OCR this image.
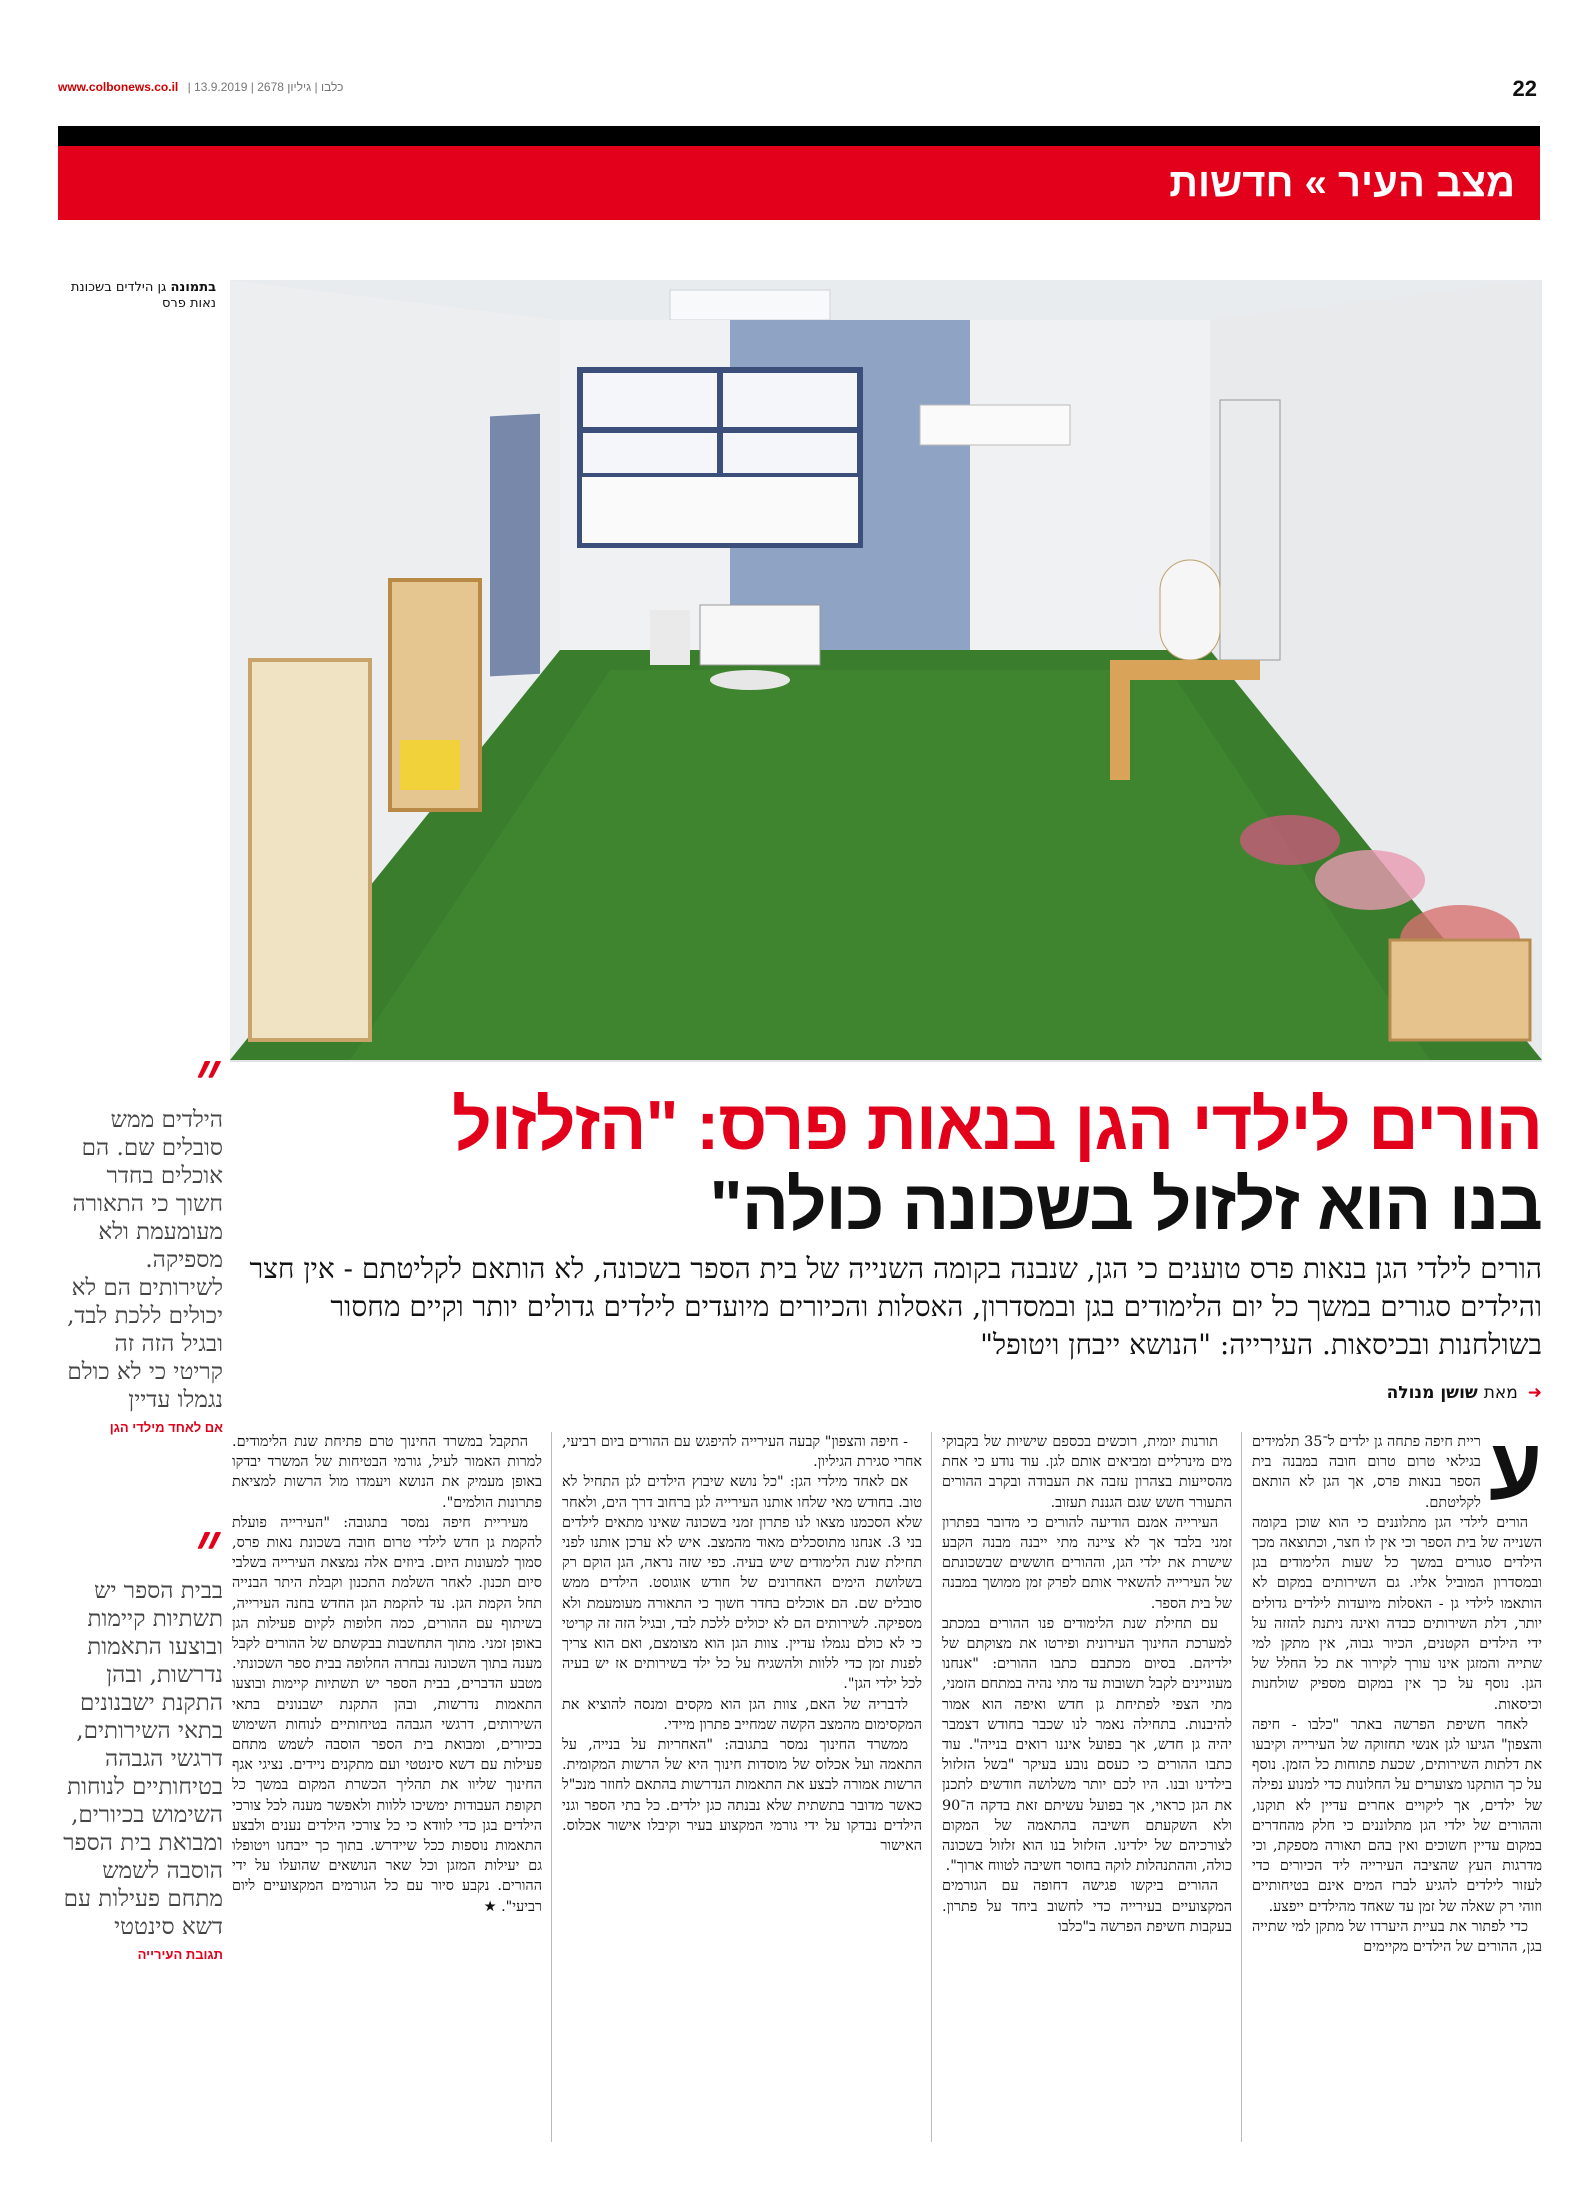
www.colbonews.co.il | כלבו | גיליון 2678 | 13.9.2019	22
מצב העיר » חדשות
בתמונה גן הילדים בשכונת נאות פרס
״
הילדים ממש סובלים שם. הם אוכלים בחדר חשוך כי התאורה מעומעמת ולא מספיקה. לשירותים הם לא יכולים ללכת לבד, ובגיל הזה זה קריטי כי לא כולם נגמלו עדיין
אם לאחד מילדי הגן
״
בבית הספר יש תשתיות קיימות ובוצעו התאמות נדרשות, ובהן התקנת ישבנונים בתאי השירותים, דרגשי הגבהה בטיחותיים לנוחות השימוש בכיורים, ומבואת בית הספר הוסבה לשמש מתחם פעילות עם דשא סינטטי
תגובת העירייה
הורים לילדי הגן בנאות פרס: "הזלזול
בנו הוא זלזול בשכונה כולה"
הורים לילדי הגן בנאות פרס טוענים כי הגן, שנבנה בקומה השנייה של בית הספר בשכונה, לא הותאם לקליטתם - אין חצר והילדים סגורים במשך כל יום הלימודים בגן ובמסדרון, האסלות והכיורים מיועדים לילדים גדולים יותר וקיים מחסור בשולחנות ובכיסאות. העירייה: "הנושא ייבחן ויטופל"
➜ מאת שושן מנולה
ע

ריית חיפה פתחה גן ילדים ל־35 תלמידים בגילאי טרום טרום חובה במבנה בית הספר בנאות פרס, אך הגן לא הותאם לקליטתם.

הורים לילדי הגן מתלוננים כי הוא שוכן בקומה השנייה של בית הספר וכי אין לו חצר, וכתוצאה מכך הילדים סגורים במשך כל שעות הלימודים בגן ובמסדרון המוביל אליו. גם השירותים במקום לא הותאמו לילדי גן - האסלות מיועדות לילדים גדולים יותר, דלת השירותים כבדה ואינה ניתנת להזזה על ידי הילדים הקטנים, הכיור גבוה, אין מתקן למי שתייה והמזגן אינו עורך לקירור את כל החלל של הגן. נוסף על כך אין במקום מספיק שולחנות וכיסאות.

לאחר חשיפת הפרשה באתר "כלבו - חיפה והצפון" הגיעו לגן אנשי תחזוקה של העירייה וקיבעו את דלתות השירותים, שכעת פתוחות כל הזמן. נוסף על כך הותקנו מצוערים על החלונות כדי למנוע נפילה של ילדים, אך ליקויים אחרים עדיין לא תוקנו, וההורים של ילדי הגן מתלוננים כי חלק מהחדרים במקום עדיין חשוכים ואין בהם תאורה מספקת, וכי מדרגות העץ שהציבה העירייה ליד הכיורים כדי לעזור לילדים להגיע לברז המים אינם בטיחותיים וזוהי רק שאלה של זמן עד שאחד מהילדים ייפצע.

כדי לפתור את בעיית היערדו של מתקן למי שתייה בגן, ההורים של הילדים מקיימים

תורנות יומית, רוכשים בכספם שישיות של בקבוקי מים מינרליים ומביאים אותם לגן. עוד נודע כי אחת מהסייעות בצהרון עזבה את העבודה ובקרב ההורים התעורר חשש שגם הגננת תעזוב.

העירייה אמנם הודיעה להורים כי מדובר בפתרון זמני בלבד אך לא ציינה מתי ייבנה מבנה הקבע שישרת את ילדי הגן, וההורים חוששים שבשכונתם של העירייה להשאיר אותם לפרק זמן ממושך במבנה של בית הספר.

עם תחילת שנת הלימודים פנו ההורים במכתב למערכת החינוך העירונית ופירטו את מצוקתם של ילדיהם. בסיום מכתבם כתבו ההורים: "אנחנו מעוניינים לקבל תשובות עד מתי נהיה במתחם הזמני, מתי הצפי לפתיחת גן חדש ואיפה הוא אמור להיבנות. בתחילה נאמר לנו שכבר בחודש דצמבר יהיה גן חדש, אך בפועל איננו רואים בנייה". עוד כתבו ההורים כי כעסם נובע בעיקר "בשל הזלזול בילדינו ובנו. היו לכם יותר משלושה חודשים לתכנן את הגן כראוי, אך בפועל עשיתם זאת בדקה ה־90 ולא השקעתם חשיבה בהתאמה של המקום לצורכיהם של ילדינו. הזלזול בנו הוא זלזול בשכונה כולה, וההתנהלות לוקה בחוסר חשיבה לטווח ארוך".

ההורים ביקשו פגישה דחופה עם הגורמים המקצועיים בעירייה כדי לחשוב ביחד על פתרון. בעקבות חשיפת הפרשה ב"כלבו

- חיפה והצפון" קבעה העירייה להיפגש עם ההורים ביום רביעי, אחרי סגירת הגיליון.

אם לאחד מילדי הגן: "כל נושא שיבוץ הילדים לגן התחיל לא טוב. בחודש מאי שלחו אותנו העירייה לגן ברחוב דרך הים, ולאחר שלא הסכמנו מצאו לנו פתרון זמני בשכונה שאינו מתאים לילדים בני 3. אנחנו מתוסכלים מאוד מהמצב. איש לא ערכן אותנו לפני תחילת שנת הלימודים שיש בעיה. כפי שזה נראה, הגן הוקם רק בשלושת הימים האחרונים של חודש אוגוסט. הילדים ממש סובלים שם. הם אוכלים בחדר חשוך כי התאורה מעומעמת ולא מספיקה. לשירותים הם לא יכולים ללכת לבד, ובגיל הזה זה קריטי כי לא כולם נגמלו עדיין. צוות הגן הוא מצומצם, ואם הוא צריך לפנות זמן כדי ללוות ולהשגיח על כל ילד בשירותים אז יש בעיה לכל ילדי הגן".

לדבריה של האם, צוות הגן הוא מקסים ומנסה להוציא את המקסימום מהמצב הקשה שמחייב פתרון מיידי.

ממשרד החינוך נמסר בתגובה: "האחריות על בנייה, על התאמה ועל אכלוס של מוסדות חינוך היא של הרשות המקומית. הרשות אמורה לבצע את התאמות הנדרשות בהתאם לחוזר מנכ"ל כאשר מדובר בתשתית שלא נבנתה כגן ילדים. כל בתי הספר וגני הילדים נבדקו על ידי גורמי המקצוע בעיר וקיבלו אישור אכלוס. האישור

התקבל במשרד החינוך טרם פתיחת שנת הלימודים. למרות האמור לעיל, גורמי הבטיחות של המשרד יבדקו באופן מעמיק את הנושא ויעמדו מול הרשות למציאת פתרונות הולמים".

מעיריית חיפה נמסר בתגובה: "העירייה פועלת להקמת גן חדש לילדי טרום חובה בשכונת נאות פרס, סמוך למעונות היום. ביוזים אלה נמצאת העירייה בשלבי סיום תכנון. לאחר השלמת התכנון וקבלת היתר הבנייה תחל הקמת הגן. עד להקמת הגן החדש בחנה העירייה, בשיתוף עם ההורים, כמה חלופות לקיום פעילות הגן באופן זמני. מתוך התחשבות בבקשתם של ההורים לקבל מענה בתוך השכונה נבחרה החלופה בבית ספר השכונתי. מטבע הדברים, בבית הספר יש תשתיות קיימות ובוצעו התאמות נדרשות, ובהן התקנת ישבנונים בתאי השירותים, דרגשי הגבהה בטיחותיים לנוחות השימוש בכיורים, ומבואת בית הספר הוסבה לשמש מתחם פעילות עם דשא סינטטי ועם מתקנים ניידים. נציגי אגף החינוך שליוו את תהליך הכשרת המקום במשך כל תקופת העבודות ימשיכו ללוות ולאפשר מענה לכל צורכי הילדים בגן כדי לוודא כי כל צורכי הילדים נענים ולבצע התאמות נוספות ככל שיידרש. בתוך כך ייבחנו ויטופלו גם יעילות המזגן וכל שאר הנושאים שהועלו על ידי ההורים. נקבע סיור עם כל הגורמים המקצועיים ליום רביעי". ★
